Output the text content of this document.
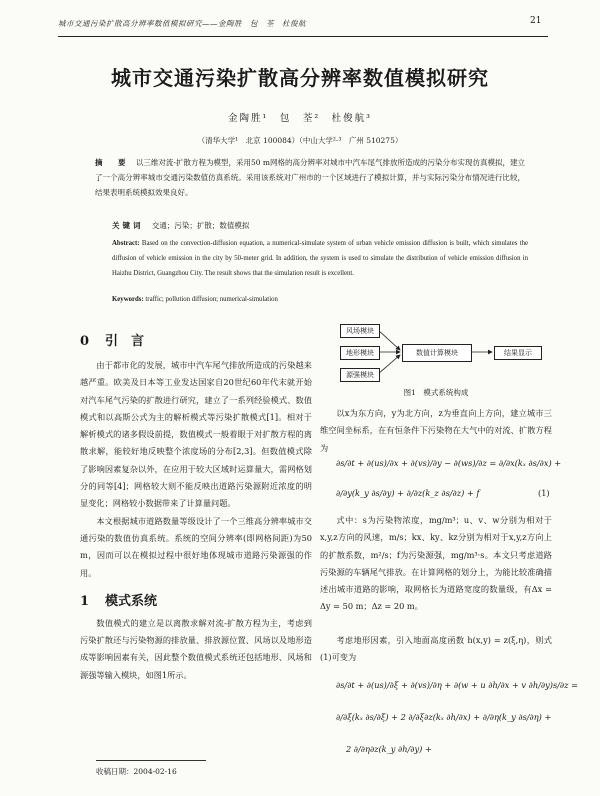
城市交通污染扩散高分辨率数值模拟研究——金陶胜　包　荃　杜俊航	21
城市交通污染扩散高分辨率数值模拟研究
金陶胜¹　包　荃²　杜俊航³
（清华大学¹　北京 100084）（中山大学²·³　广州 510275）
摘　要 以三维对流-扩散方程为模型，采用50 m网格的高分辨率对城市中汽车尾气排放所造成的污染分布实现仿真模拟，建立了一个高分辨率城市交通污染数值仿真系统。采用该系统对广州市的一个区域进行了模拟计算，并与实际污染分布情况进行比较，结果表明系统模拟效果良好。
关键词 交通；污染；扩散；数值模拟
Abstract: Based on the convection-diffusion equation, a numerical-simulate system of urban vehicle emission diffusion is built, which simulates the diffusion of vehicle emission in the city by 50-meter grid. In addition, the system is used to simulate the distribution of vehicle emission diffusion in Haizhu District, Guangzhou City. The result shows that the simulation result is excellent.
Keywords: traffic; pollution diffusion; numerical-simulation
0 引　言

由于都市化的发展，城市中汽车尾气排放所造成的污染越来越严重。欧美及日本等工业发达国家自20世纪60年代末就开始对汽车尾气污染的扩散进行研究，建立了一系列经验模式、数值模式和以高斯公式为主的解析模式等污染扩散模式[1]。相对于解析模式的诸多假设前提，数值模式一般着眼于对扩散方程的离散求解，能较好地反映整个浓度场的分布[2,3]。但数值模式除了影响因素复杂以外，在应用于较大区域时运算量大，需网格划分的同等[4]；网格较大则不能反映出道路污染源附近浓度的明显变化；网格较小数据带来了计算量问题。

本文根据城市道路数量等级设计了一个三维高分辨率城市交通污染的数值仿真系统。系统的空间分辨率(即网格间距)为50 m，因而可以在模拟过程中很好地体现城市道路污染源强的作用。

1 模式系统

数值模式的建立是以离散求解对流-扩散方程为主，考虑到污染扩散还与污染物源的排放量、排放源位置、风场以及地形造成等影响因素有关，因此整个数值模式系统还包括地形、风场和源强等输入模块，如图1所示。

收稿日期：2004-02-16
风场模块
地形模块
源强模块
数值计算模块	结果显示
图1　模式系统构成
以x为东方向，y为北方向，z为垂直向上方向，建立城市三维空间坐标系，在有恒条件下污染物在大气中的对流、扩散方程为
∂s/∂t + ∂(us)/∂x + ∂(vs)/∂y − ∂(ws)/∂z = ∂/∂x(kₓ ∂s/∂x) +
∂/∂y(k_y ∂s/∂y) + ∂/∂z(k_z ∂s/∂z) + f	(1)
式中：s为污染物浓度，mg/m³；u、v、w分别为相对于x,y,z方向的风速，m/s；kx、ky、kz分别为相对于x,y,z方向上的扩散系数，m²/s；f为污染源强，mg/m³·s。本文只考虑道路污染源的车辆尾气排放。在计算网格的划分上，为能比较准确描述出城市道路的影响，取网格长为道路宽度的数量级，有Δx = Δy = 50 m；Δz = 20 m。
考虑地形因素，引入地面高度函数 h(x,y) = z(ξ,η)，则式(1)可变为
∂s/∂t + ∂(us)/∂ξ + ∂(vs)/∂η + ∂(w + u ∂h/∂x + v ∂h/∂y)s/∂z =
∂/∂ξ(kₓ ∂s/∂ξ) + 2 ∂/∂ξ∂z(kₓ ∂h/∂x) + ∂/∂η(k_y ∂s/∂η) +
2 ∂/∂η∂z(k_y ∂h/∂y) +
